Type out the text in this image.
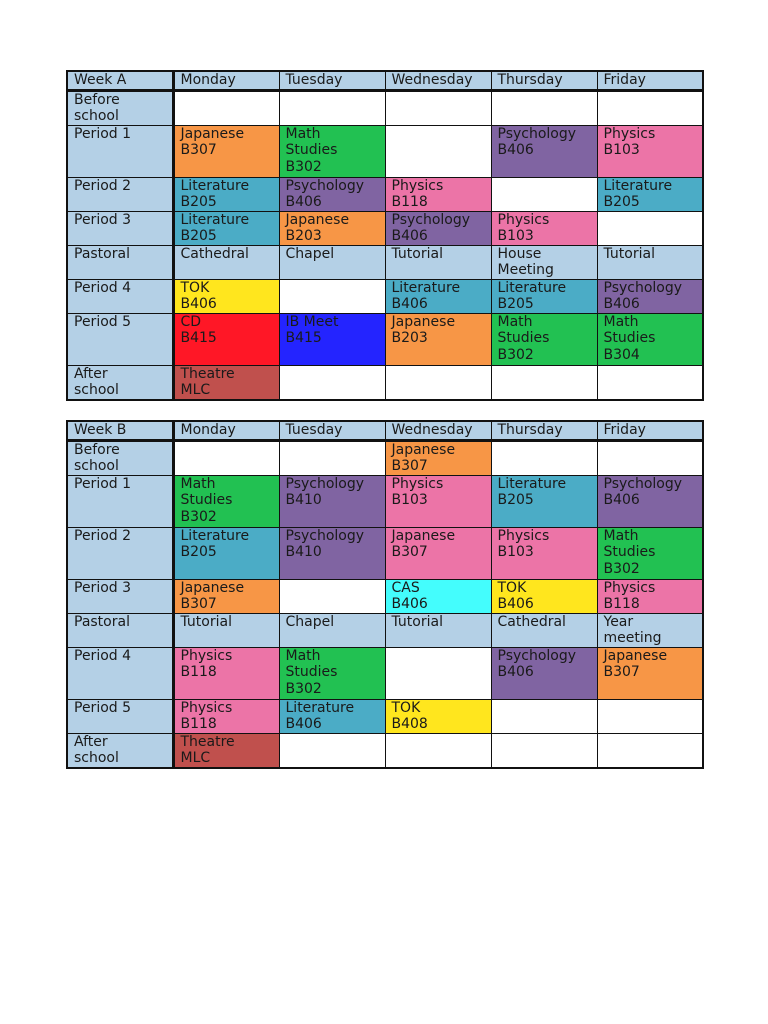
Week A	Monday	Tuesday	Wednesday	Thursday	Friday
Before
school					
Period 1	Japanese
B307	Math
Studies
B302		Psychology
B406	Physics
B103
Period 2	Literature
B205	Psychology
B406	Physics
B118		Literature
B205
Period 3	Literature
B205	Japanese
B203	Psychology
B406	Physics
B103	
Pastoral	Cathedral	Chapel	Tutorial	House
Meeting	Tutorial
Period 4	TOK
B406		Literature
B406	Literature
B205	Psychology
B406
Period 5	CD
B415	IB Meet
B415	Japanese
B203	Math
Studies
B302	Math
Studies
B304
After
school	Theatre
MLC				
Week B	Monday	Tuesday	Wednesday	Thursday	Friday
Before
school			Japanese
B307		
Period 1	Math
Studies
B302	Psychology
B410	Physics
B103	Literature
B205	Psychology
B406
Period 2	Literature
B205	Psychology
B410	Japanese
B307	Physics
B103	Math
Studies
B302
Period 3	Japanese
B307		CAS
B406	TOK
B406	Physics
B118
Pastoral	Tutorial	Chapel	Tutorial	Cathedral	Year
meeting
Period 4	Physics
B118	Math
Studies
B302		Psychology
B406	Japanese
B307
Period 5	Physics
B118	Literature
B406	TOK
B408		
After
school	Theatre
MLC				
